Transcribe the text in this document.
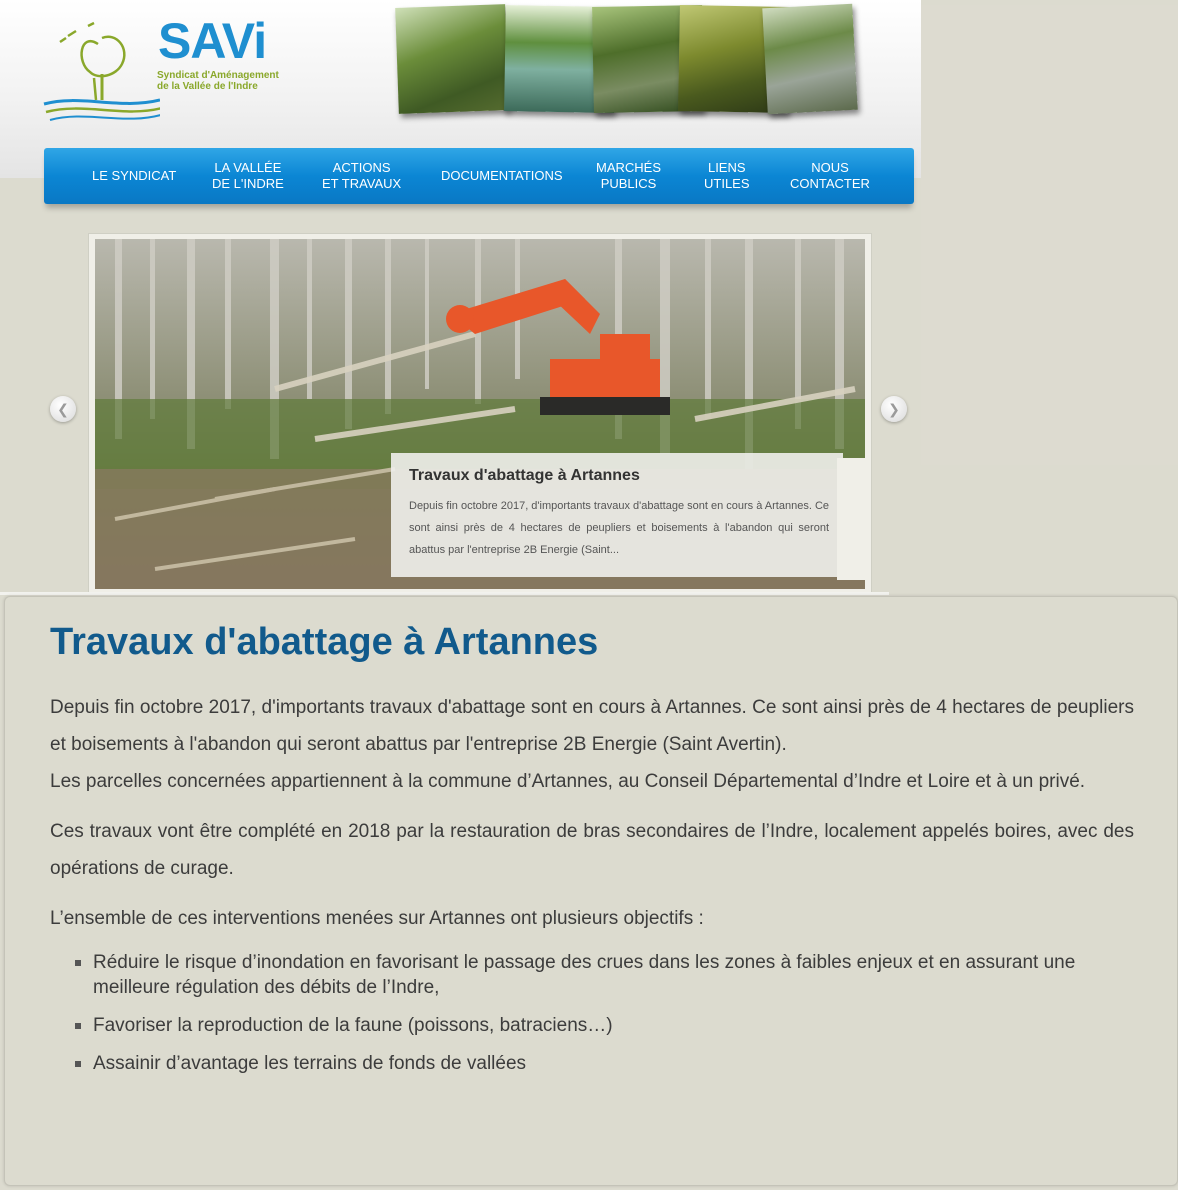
SAVi
Syndicat d'Aménagement
de la Vallée de l'Indre
LE SYNDICAT
LA VALLÉE
DE L'INDRE
ACTIONS
ET TRAVAUX
DOCUMENTATIONS
MARCHÉS
PUBLICS
LIENS
UTILES
NOUS
CONTACTER
❮	❯
Travaux d'abattage à Artannes

Depuis fin octobre 2017, d'importants travaux d'abattage sont en cours à Artannes. Ce sont ainsi près de 4 hectares de peupliers et boisements à l'abandon qui seront abattus par l'entreprise 2B Energie (Saint...

Travaux d'abattage à Artannes

Depuis fin octobre 2017, d'importants travaux d'abattage sont en cours à Artannes. Ce sont ainsi près de 4 hectares de peupliers et boisements à l'abandon qui seront abattus par l'entreprise 2B Energie (Saint Avertin).
Les parcelles concernées appartiennent à la commune d’Artannes, au Conseil Départemental d’Indre et Loire et à un privé.

Ces travaux vont être complété en 2018 par la restauration de bras secondaires de l’Indre, localement appelés boires, avec des opérations de curage.

L’ensemble de ces interventions menées sur Artannes ont plusieurs objectifs :

Réduire le risque d’inondation en favorisant le passage des crues dans les zones à faibles enjeux et en assurant une meilleure régulation des débits de l’Indre,
Favoriser la reproduction de la faune (poissons, batraciens…)
Assainir d’avantage les terrains de fonds de vallées
